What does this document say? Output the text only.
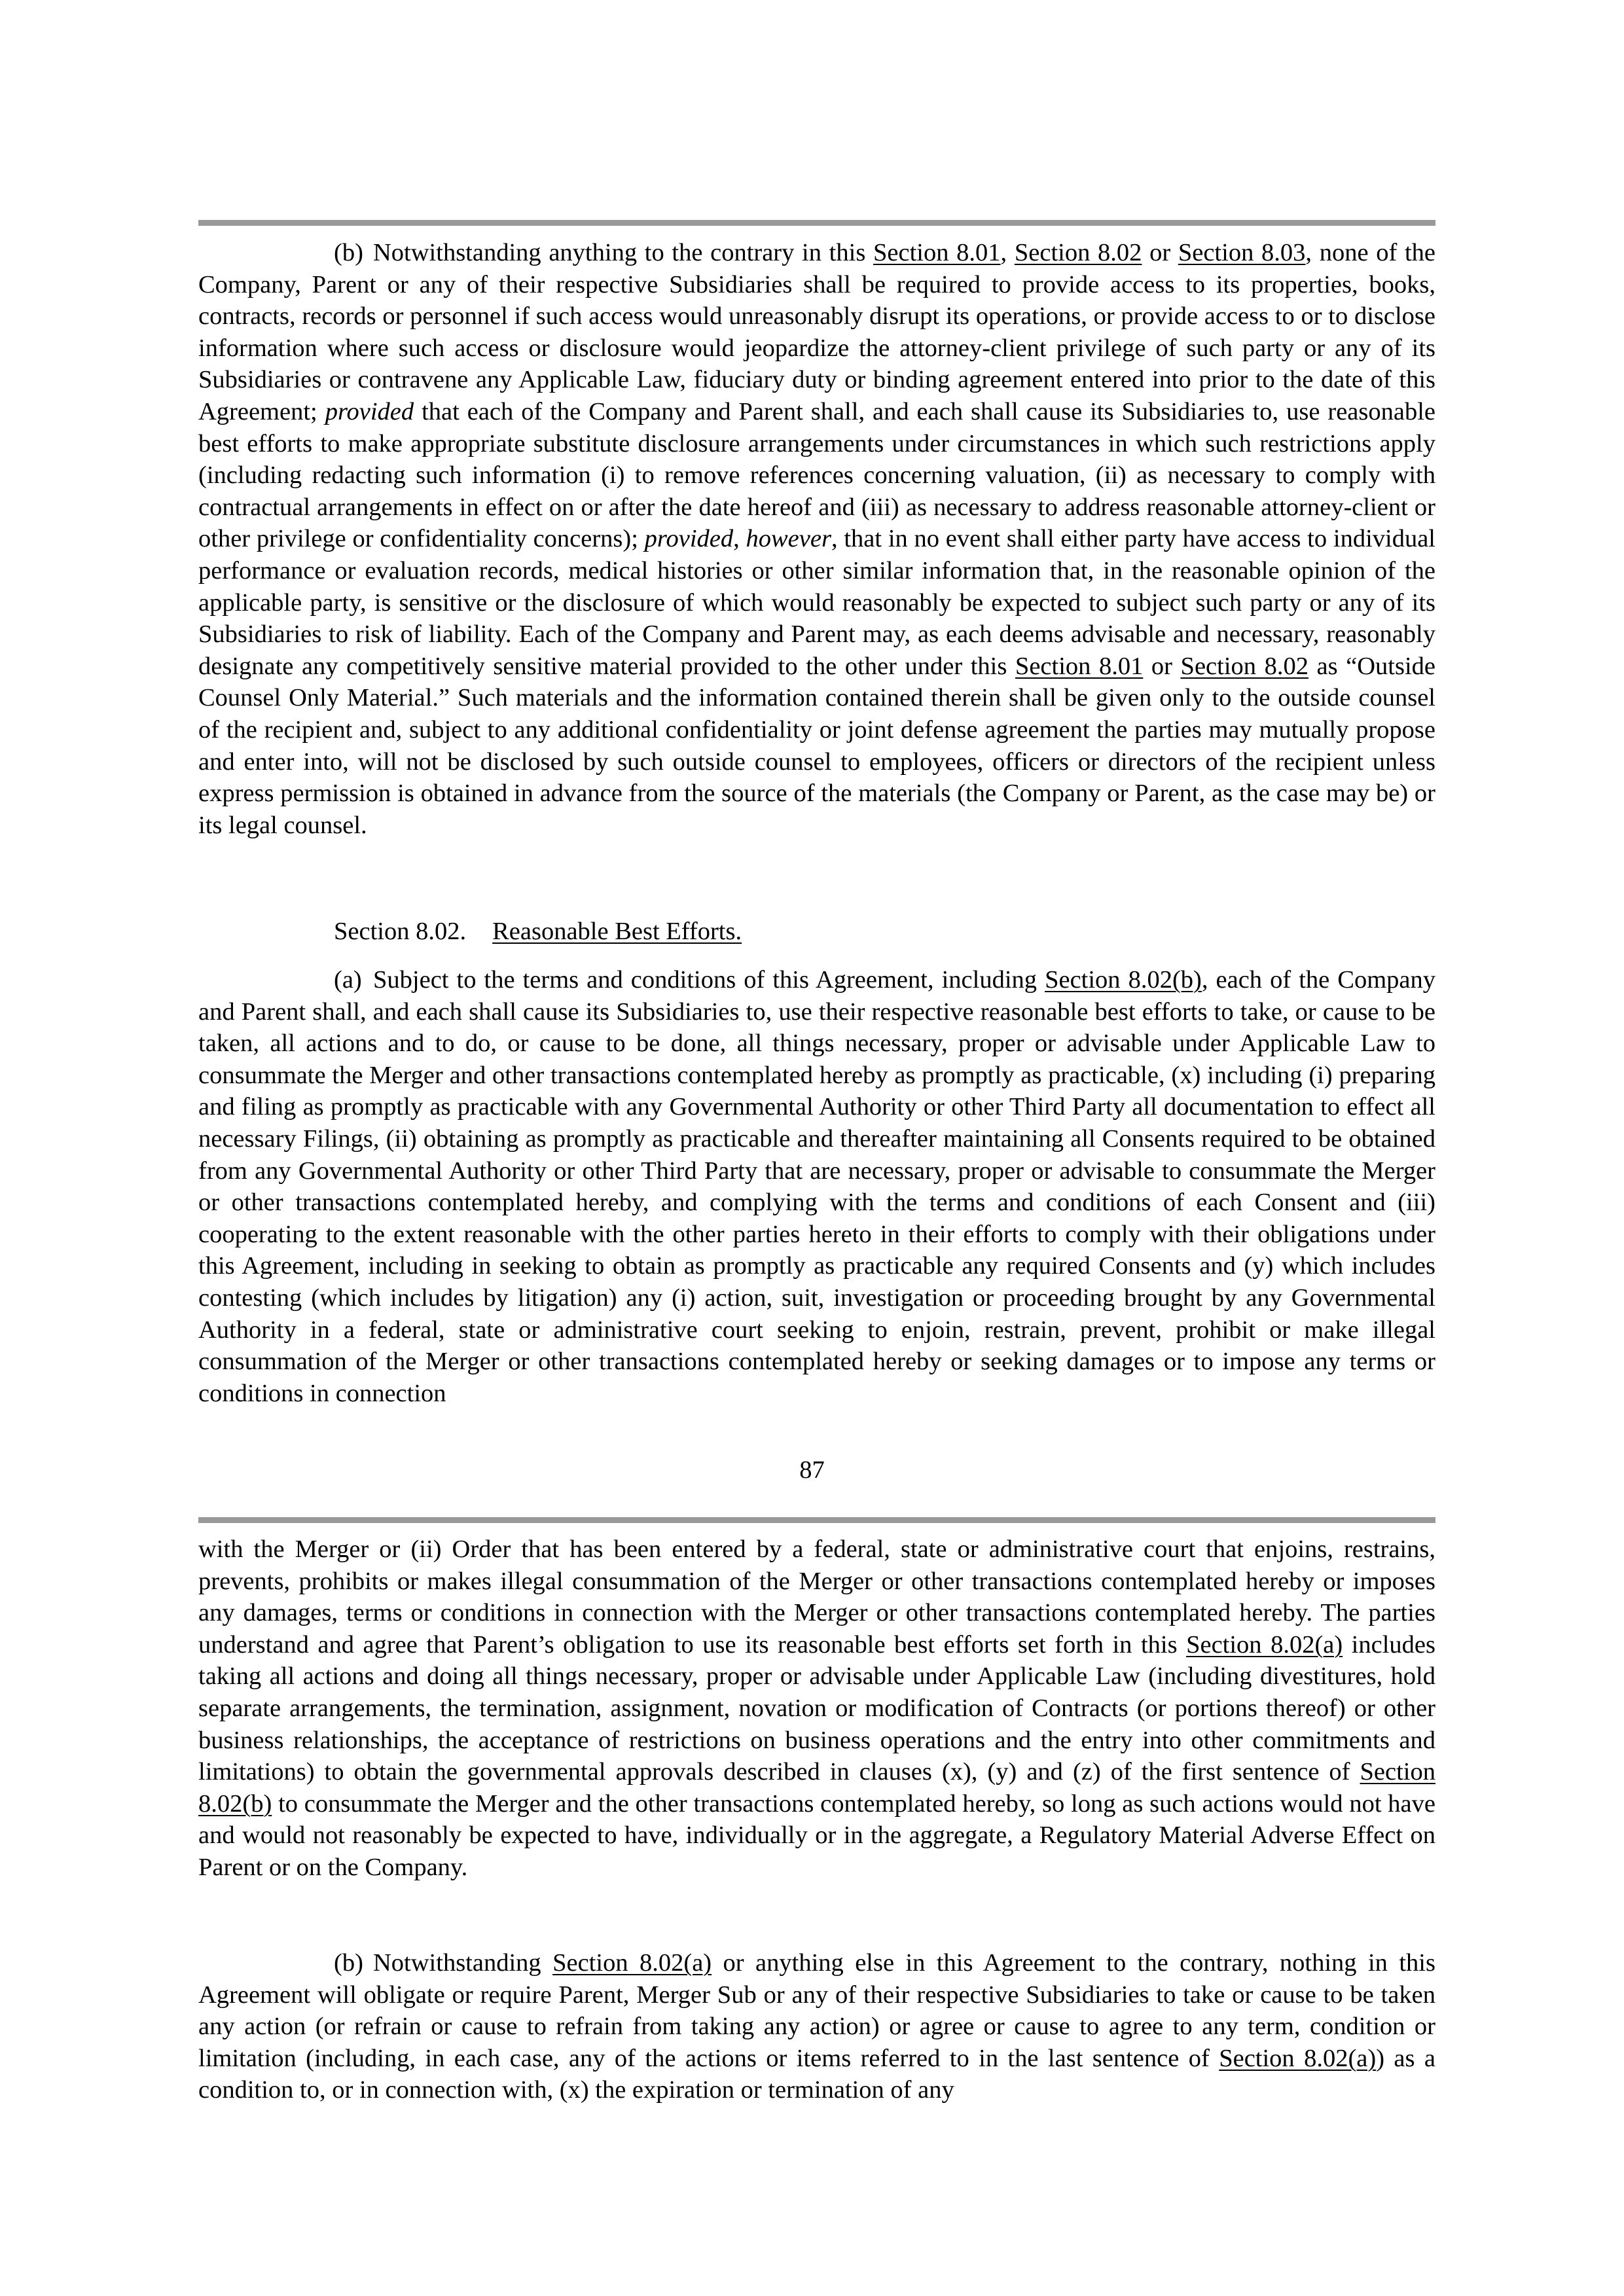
(b) Notwithstanding anything to the contrary in this Section 8.01, Section 8.02 or Section 8.03, none of the Company, Parent or any of their respective Subsidiaries shall be required to provide access to its properties, books, contracts, records or personnel if such access would unreasonably disrupt its operations, or provide access to or to disclose information where such access or disclosure would jeopardize the attorney-client privilege of such party or any of its Subsidiaries or contravene any Applicable Law, fiduciary duty or binding agreement entered into prior to the date of this Agreement; provided that each of the Company and Parent shall, and each shall cause its Subsidiaries to, use reasonable best efforts to make appropriate substitute disclosure arrangements under circumstances in which such restrictions apply (including redacting such information (i) to remove references concerning valuation, (ii) as necessary to comply with contractual arrangements in effect on or after the date hereof and (iii) as necessary to address reasonable attorney-client or other privilege or confidentiality concerns); provided, however, that in no event shall either party have access to individual performance or evaluation records, medical histories or other similar information that, in the reasonable opinion of the applicable party, is sensitive or the disclosure of which would reasonably be expected to subject such party or any of its Subsidiaries to risk of liability. Each of the Company and Parent may, as each deems advisable and necessary, reasonably designate any competitively sensitive material provided to the other under this Section 8.01 or Section 8.02 as “Outside Counsel Only Material.” Such materials and the information contained therein shall be given only to the outside counsel of the recipient and, subject to any additional confidentiality or joint defense agreement the parties may mutually propose and enter into, will not be disclosed by such outside counsel to employees, officers or directors of the recipient unless express permission is obtained in advance from the source of the materials (the Company or Parent, as the case may be) or its legal counsel.

Section 8.02. Reasonable Best Efforts.

(a) Subject to the terms and conditions of this Agreement, including Section 8.02(b), each of the Company and Parent shall, and each shall cause its Subsidiaries to, use their respective reasonable best efforts to take, or cause to be taken, all actions and to do, or cause to be done, all things necessary, proper or advisable under Applicable Law to consummate the Merger and other transactions contemplated hereby as promptly as practicable, (x) including (i) preparing and filing as promptly as practicable with any Governmental Authority or other Third Party all documentation to effect all necessary Filings, (ii) obtaining as promptly as practicable and thereafter maintaining all Consents required to be obtained from any Governmental Authority or other Third Party that are necessary, proper or advisable to consummate the Merger or other transactions contemplated hereby, and complying with the terms and conditions of each Consent and (iii) cooperating to the extent reasonable with the other parties hereto in their efforts to comply with their obligations under this Agreement, including in seeking to obtain as promptly as practicable any required Consents and (y) which includes contesting (which includes by litigation) any (i) action, suit, investigation or proceeding brought by any Governmental Authority in a federal, state or administrative court seeking to enjoin, restrain, prevent, prohibit or make illegal consummation of the Merger or other transactions contemplated hereby or seeking damages or to impose any terms or conditions in connection

87

with the Merger or (ii) Order that has been entered by a federal, state or administrative court that enjoins, restrains, prevents, prohibits or makes illegal consummation of the Merger or other transactions contemplated hereby or imposes any damages, terms or conditions in connection with the Merger or other transactions contemplated hereby. The parties understand and agree that Parent’s obligation to use its reasonable best efforts set forth in this Section 8.02(a) includes taking all actions and doing all things necessary, proper or advisable under Applicable Law (including divestitures, hold separate arrangements, the termination, assignment, novation or modification of Contracts (or portions thereof) or other business relationships, the acceptance of restrictions on business operations and the entry into other commitments and limitations) to obtain the governmental approvals described in clauses (x), (y) and (z) of the first sentence of Section 8.02(b) to consummate the Merger and the other transactions contemplated hereby, so long as such actions would not have and would not reasonably be expected to have, individually or in the aggregate, a Regulatory Material Adverse Effect on Parent or on the Company.

(b) Notwithstanding Section 8.02(a) or anything else in this Agreement to the contrary, nothing in this Agreement will obligate or require Parent, Merger Sub or any of their respective Subsidiaries to take or cause to be taken any action (or refrain or cause to refrain from taking any action) or agree or cause to agree to any term, condition or limitation (including, in each case, any of the actions or items referred to in the last sentence of Section 8.02(a)) as a condition to, or in connection with, (x) the expiration or termination of any
